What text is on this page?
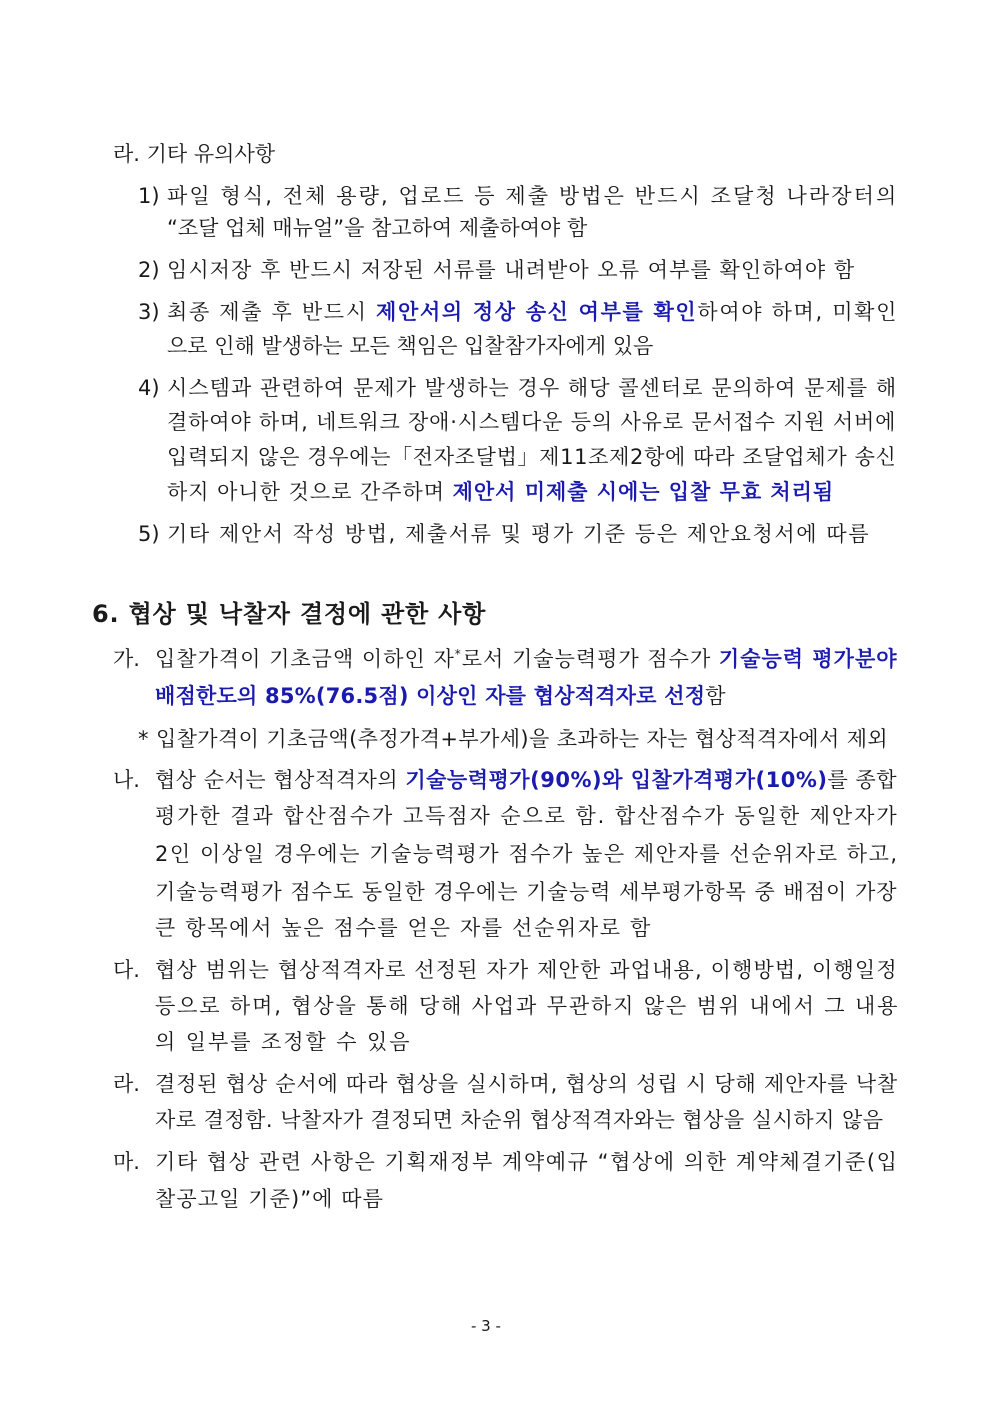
라. 기타 유의사항
1) 파일 형식, 전체 용량, 업로드 등 제출 방법은 반드시 조달청 나라장터의
“조달 업체 매뉴얼”을 참고하여 제출하여야 함
2) 임시저장 후 반드시 저장된 서류를 내려받아 오류 여부를 확인하여야 함
3) 최종 제출 후 반드시 제안서의 정상 송신 여부를 확인하여야 하며, 미확인
으로 인해 발생하는 모든 책임은 입찰참가자에게 있음
4) 시스템과 관련하여 문제가 발생하는 경우 해당 콜센터로 문의하여 문제를 해
결하여야 하며, 네트워크 장애·시스템다운 등의 사유로 문서접수 지원 서버에
입력되지 않은 경우에는「전자조달법」제11조제2항에 따라 조달업체가 송신
하지 아니한 것으로 간주하며 제안서 미제출 시에는 입찰 무효 처리됨
5) 기타 제안서 작성 방법, 제출서류 및 평가 기준 등은 제안요청서에 따름
6. 협상 및 낙찰자 결정에 관한 사항
가. 입찰가격이 기초금액 이하인 자*로서 기술능력평가 점수가 기술능력 평가분야
배점한도의 85%(76.5점) 이상인 자를 협상적격자로 선정함
* 입찰가격이 기초금액(추정가격+부가세)을 초과하는 자는 협상적격자에서 제외
나. 협상 순서는 협상적격자의 기술능력평가(90%)와 입찰가격평가(10%)를 종합
평가한 결과 합산점수가 고득점자 순으로 함. 합산점수가 동일한 제안자가
2인 이상일 경우에는 기술능력평가 점수가 높은 제안자를 선순위자로 하고,
기술능력평가 점수도 동일한 경우에는 기술능력 세부평가항목 중 배점이 가장
큰 항목에서 높은 점수를 얻은 자를 선순위자로 함
다. 협상 범위는 협상적격자로 선정된 자가 제안한 과업내용, 이행방법, 이행일정
등으로 하며, 협상을 통해 당해 사업과 무관하지 않은 범위 내에서 그 내용
의 일부를 조정할 수 있음
라. 결정된 협상 순서에 따라 협상을 실시하며, 협상의 성립 시 당해 제안자를 낙찰
자로 결정함. 낙찰자가 결정되면 차순위 협상적격자와는 협상을 실시하지 않음
마. 기타 협상 관련 사항은 기획재정부 계약예규 “협상에 의한 계약체결기준(입
찰공고일 기준)”에 따름
- 3 -
